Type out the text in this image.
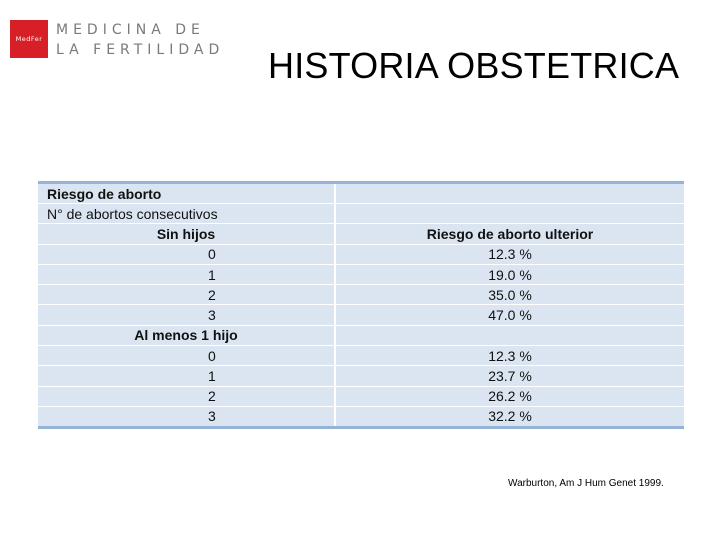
MedFer
MEDICINA DE
LA FERTILIDAD HISTORIA OBSTETRICA
Riesgo de aborto
N° de abortos consecutivos
Sin hijos	Riesgo de aborto ulterior
0	12.3 %
1	19.0 %
2	35.0 %
3	47.0 %
Al menos 1 hijo
0	12.3 %
1	23.7 %
2	26.2 %
3	32.2 %
Warburton, Am J Hum Genet 1999.
